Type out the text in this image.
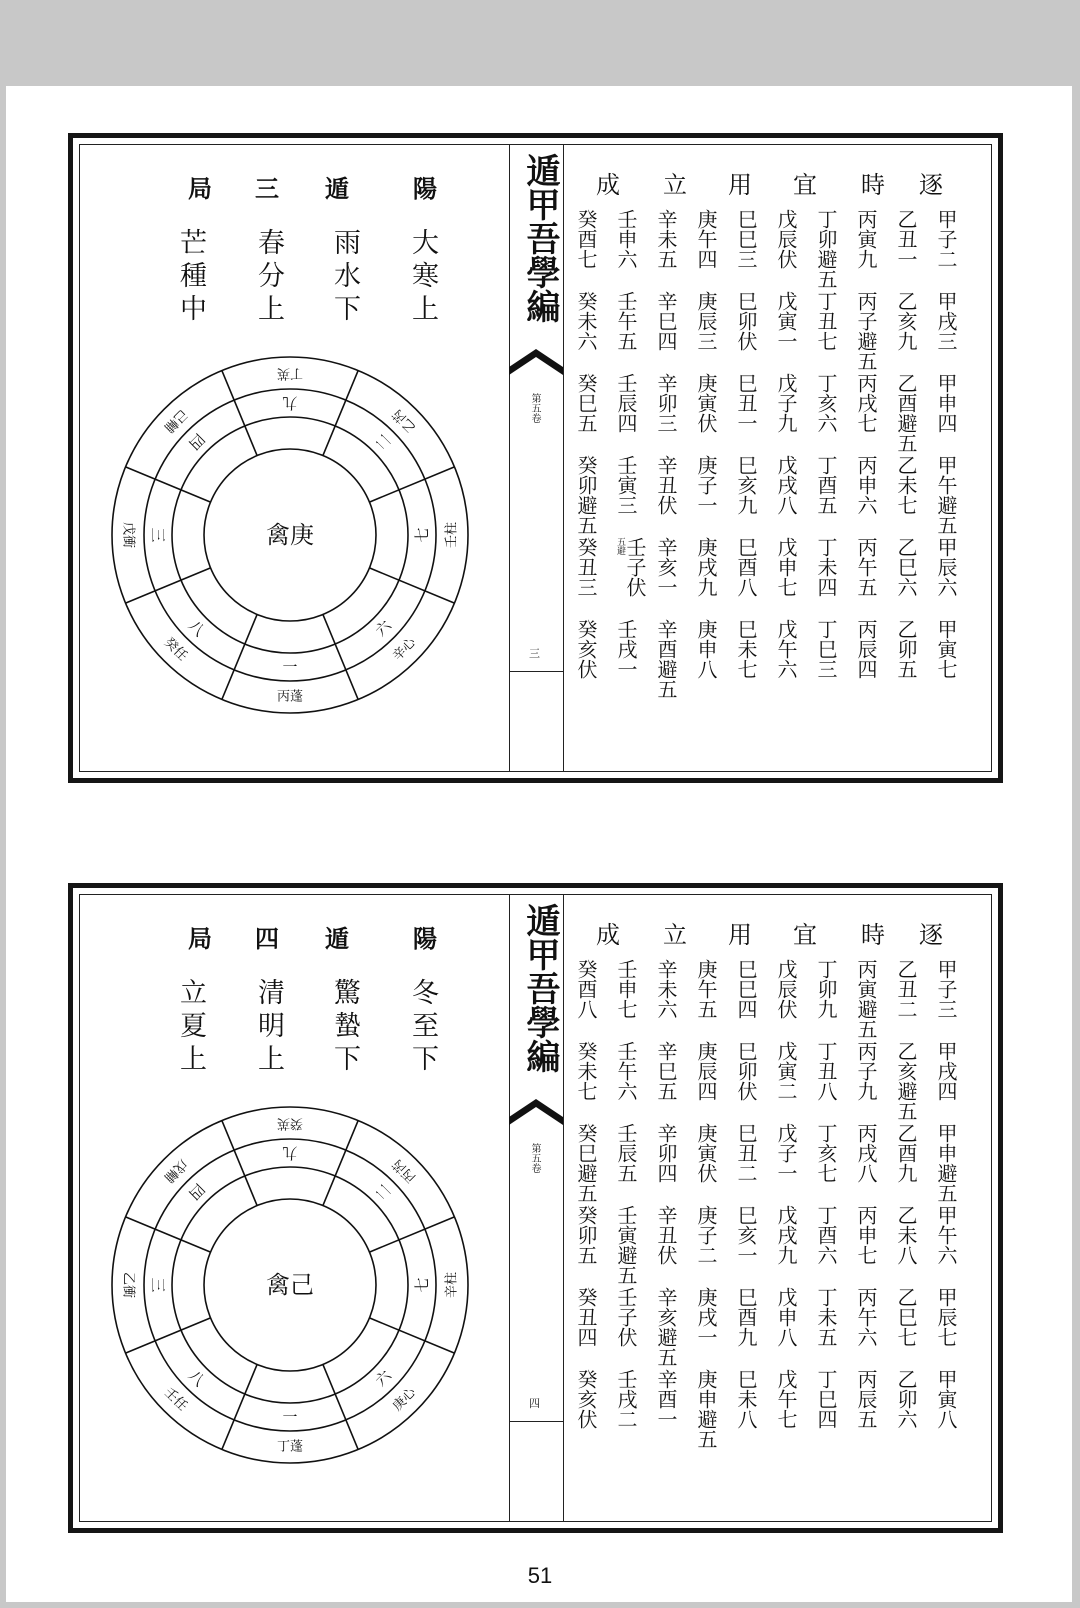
陽
遁
三
局
大
寒
上
雨
水
下
春
分
上
芒
種
中
九
丁英
二
乙芮
七 壬柱
六
辛心
一
丙蓬
八
癸任
三
戊衝
四
己輔
禽庚
遁甲吾學編
第五卷
三
逐
時
宜
用
立
成
甲子二
甲戌三
甲申四
甲午避五
甲辰六
甲寅七
乙丑一
乙亥九
乙酉避五
乙未七
乙巳六
乙卯五
丙寅九
丙子避五
丙戌七
丙申六
丙午五
丙辰四
丁卯避五
丁丑七
丁亥六
丁酉五
丁未四
丁巳三
戊辰伏
戊寅一
戊子九
戊戌八
戊申七
戊午六
巳巳三
巳卯伏
巳丑一
巳亥九
巳酉八
巳未七
庚午四
庚辰三
庚寅伏
庚子一
庚戌九
庚申八
辛未五
辛巳四
辛卯三
辛丑伏
辛亥一
辛酉避五
壬申六
壬午五
壬辰四
壬寅三
壬子伏
五避
壬戌一
癸酉七
癸未六
癸巳五
癸卯避五
癸丑三
癸亥伏
陽
遁
四
局
冬
至
下
驚
蟄
下
清
明
上
立
夏
上
九
癸英
二
丙芮
七 辛柱
六
庚心
一
丁蓬
八
壬任
三
乙衝
四
戊輔
禽己
遁甲吾學編
第五卷
四
逐
時
宜
用
立
成
甲子三
甲戌四
甲申避五
甲午六
甲辰七
甲寅八
乙丑二
乙亥避五
乙酉九
乙未八
乙巳七
乙卯六
丙寅避五
丙子九
丙戌八
丙申七
丙午六
丙辰五
丁卯九
丁丑八
丁亥七
丁酉六
丁未五
丁巳四
戊辰伏
戊寅二
戊子一
戊戌九
戊申八
戊午七
巳巳四
巳卯伏
巳丑二
巳亥一
巳酉九
巳未八
庚午五
庚辰四
庚寅伏
庚子二
庚戌一
庚申避五
辛未六
辛巳五
辛卯四
辛丑伏
辛亥避五
辛酉一
壬申七
壬午六
壬辰五
壬寅避五
壬子伏
壬戌二
癸酉八
癸未七
癸巳避五
癸卯五
癸丑四
癸亥伏
51
